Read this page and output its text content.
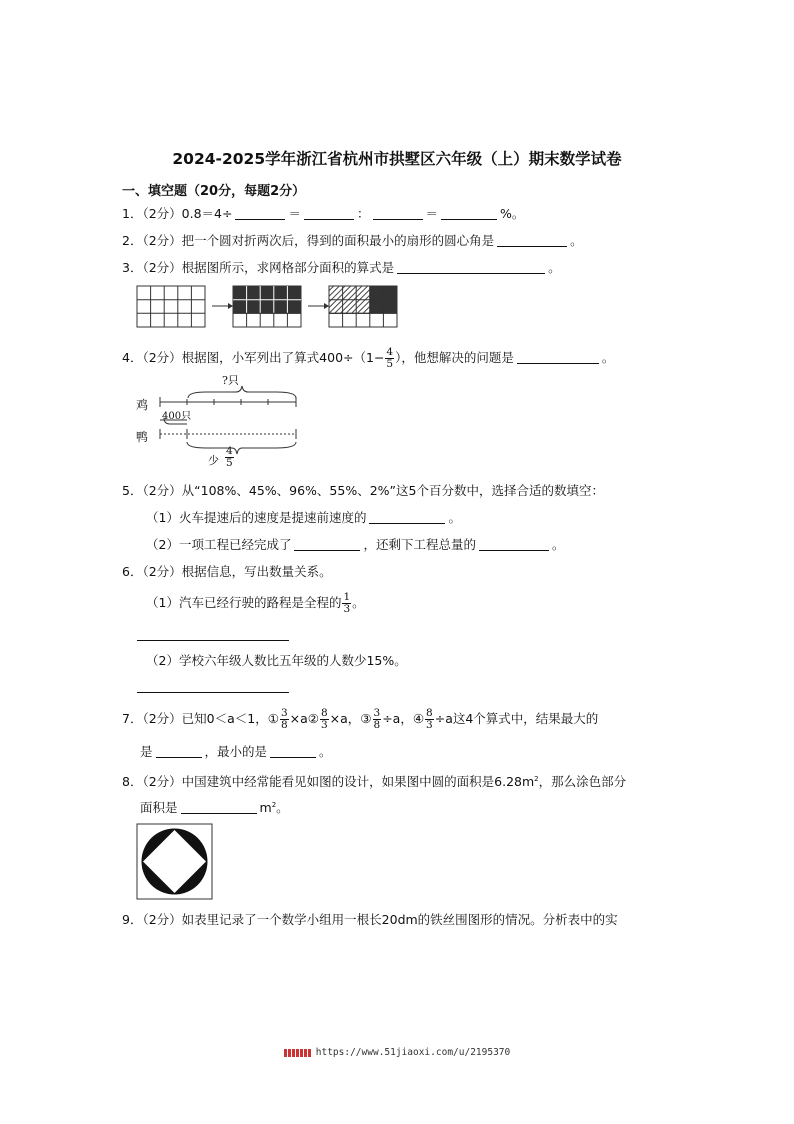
2024-2025学年浙江省杭州市拱墅区六年级（上）期末数学试卷
一、填空题（20分，每题2分）
1．（2分）0.8＝4÷	＝	：	＝	%。
2．（2分）把一个圆对折两次后，得到的面积最小的扇形的圆心角是	。
3．（2分）根据图所示，求网格部分面积的算式是	。
4．（2分）根据图，小军列出了算式$400\div(1- \frac{4}{5}$ ），他想解决的问题是	。
鸡
鸭
?只
400只
少 $\frac{4}{5}$
5．（2分）从“108%、45%、96%、55%、2%”这5个百分数中，选择合适的数填空：
（1）火车提速后的速度是提速前速度的	。
（2）一项工程已经完成了	，还剩下工程总量的	。
6．（2分）根据信息，写出数量关系。
（1）汽车已经行驶的路程是全程的 $\frac{1}{3}$ 。
（2）学校六年级人数比五年级的人数少15%。
7．（2分）已知0＜a＜1，① $\frac{3}{8}$ ×a② $\frac{8}{3} \times a$，③ $\frac{3}{8} \div a$，④ $\frac{8}{3} \div a$这4个算式中，结果最大的
是	，最小的是	。
8．（2分）中国建筑中经常能看见如图的设计，如果图中圆的面积是$6.28m^2$，那么涂色部分
面积是	$m^2$。
9．（2分）如表里记录了一个数学小组用一根长20dm的铁丝围图形的情况。分析表中的实
https://www.51jiaoxi.com/u/2195370
